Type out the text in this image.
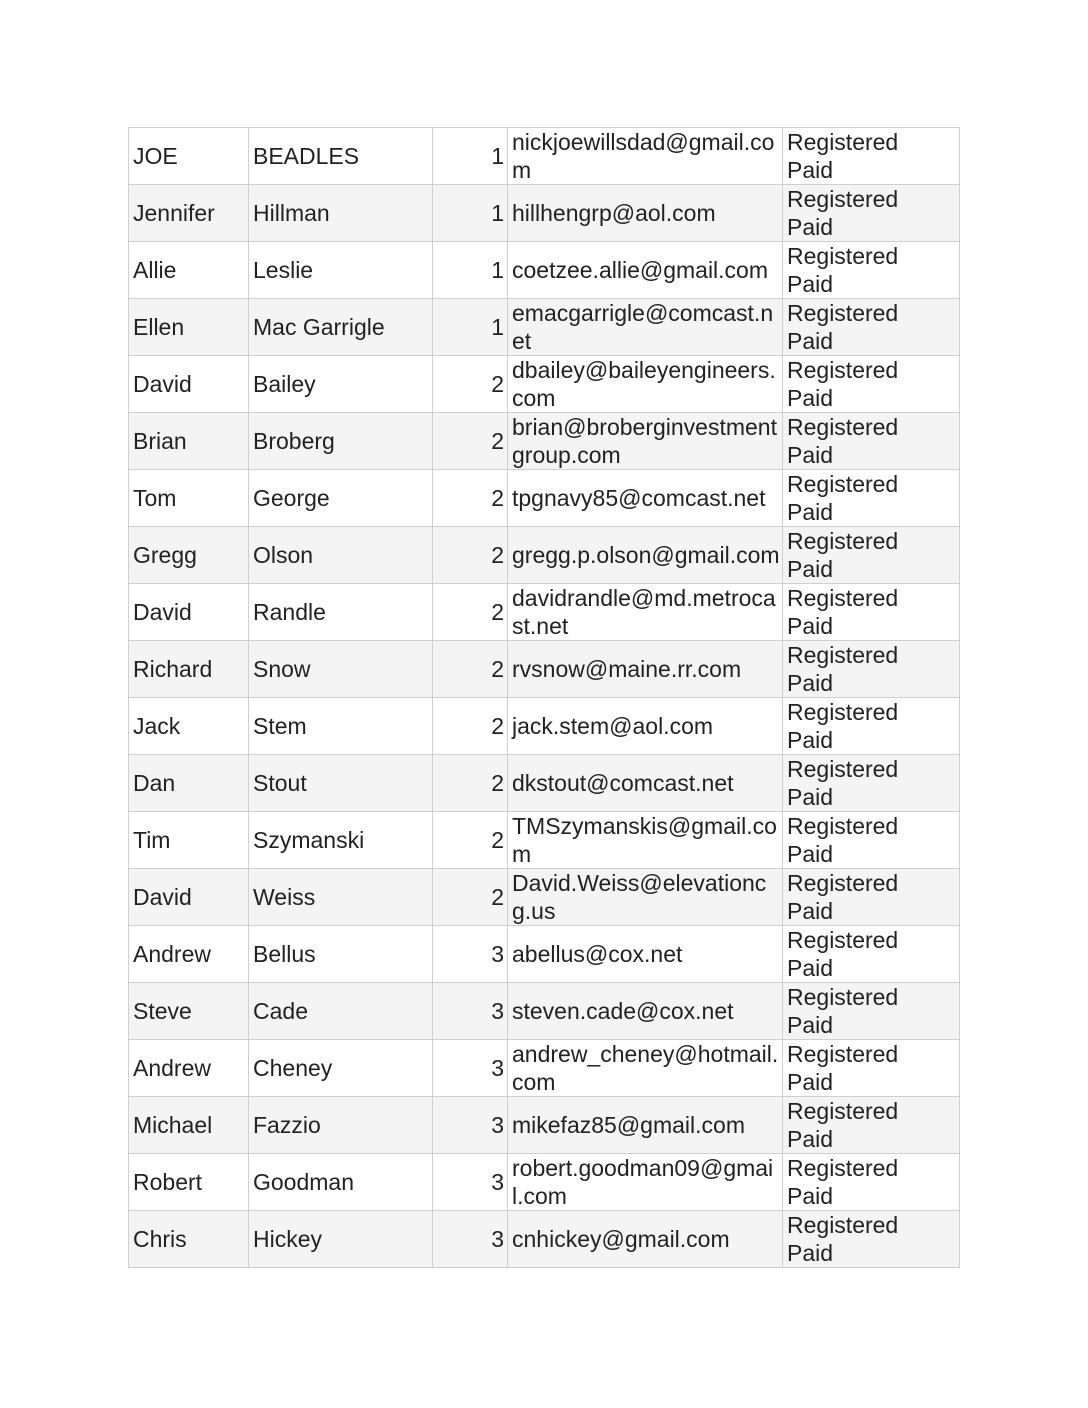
JOE	BEADLES	1	nickjoewillsdad@gmail.com	Registered
Paid

Jennifer	Hillman	1	hillhengrp@aol.com	Registered
Paid

Allie	Leslie	1	coetzee.allie@gmail.com	Registered
Paid

Ellen	Mac Garrigle	1	emacgarrigle@comcast.net	Registered
Paid

David	Bailey	2	dbailey@baileyengineers.com	Registered
Paid

Brian	Broberg	2	brian@broberginvestmentgroup.com	Registered
Paid

Tom	George	2	tpgnavy85@comcast.net	Registered
Paid

Gregg	Olson	2	gregg.p.olson@gmail.com	Registered
Paid

David	Randle	2	davidrandle@md.metrocast.net	Registered
Paid

Richard	Snow	2	rvsnow@maine.rr.com	Registered
Paid

Jack	Stem	2	jack.stem@aol.com	Registered
Paid

Dan	Stout	2	dkstout@comcast.net	Registered
Paid

Tim	Szymanski	2	TMSzymanskis@gmail.com	Registered
Paid

David	Weiss	2	David.Weiss@elevationcg.us	Registered
Paid

Andrew	Bellus	3	abellus@cox.net	Registered
Paid

Steve	Cade	3	steven.cade@cox.net	Registered
Paid

Andrew	Cheney	3	andrew_cheney@hotmail.com	Registered
Paid

Michael	Fazzio	3	mikefaz85@gmail.com	Registered
Paid

Robert	Goodman	3	robert.goodman09@gmail.com	Registered
Paid

Chris	Hickey	3	cnhickey@gmail.com	Registered
Paid
